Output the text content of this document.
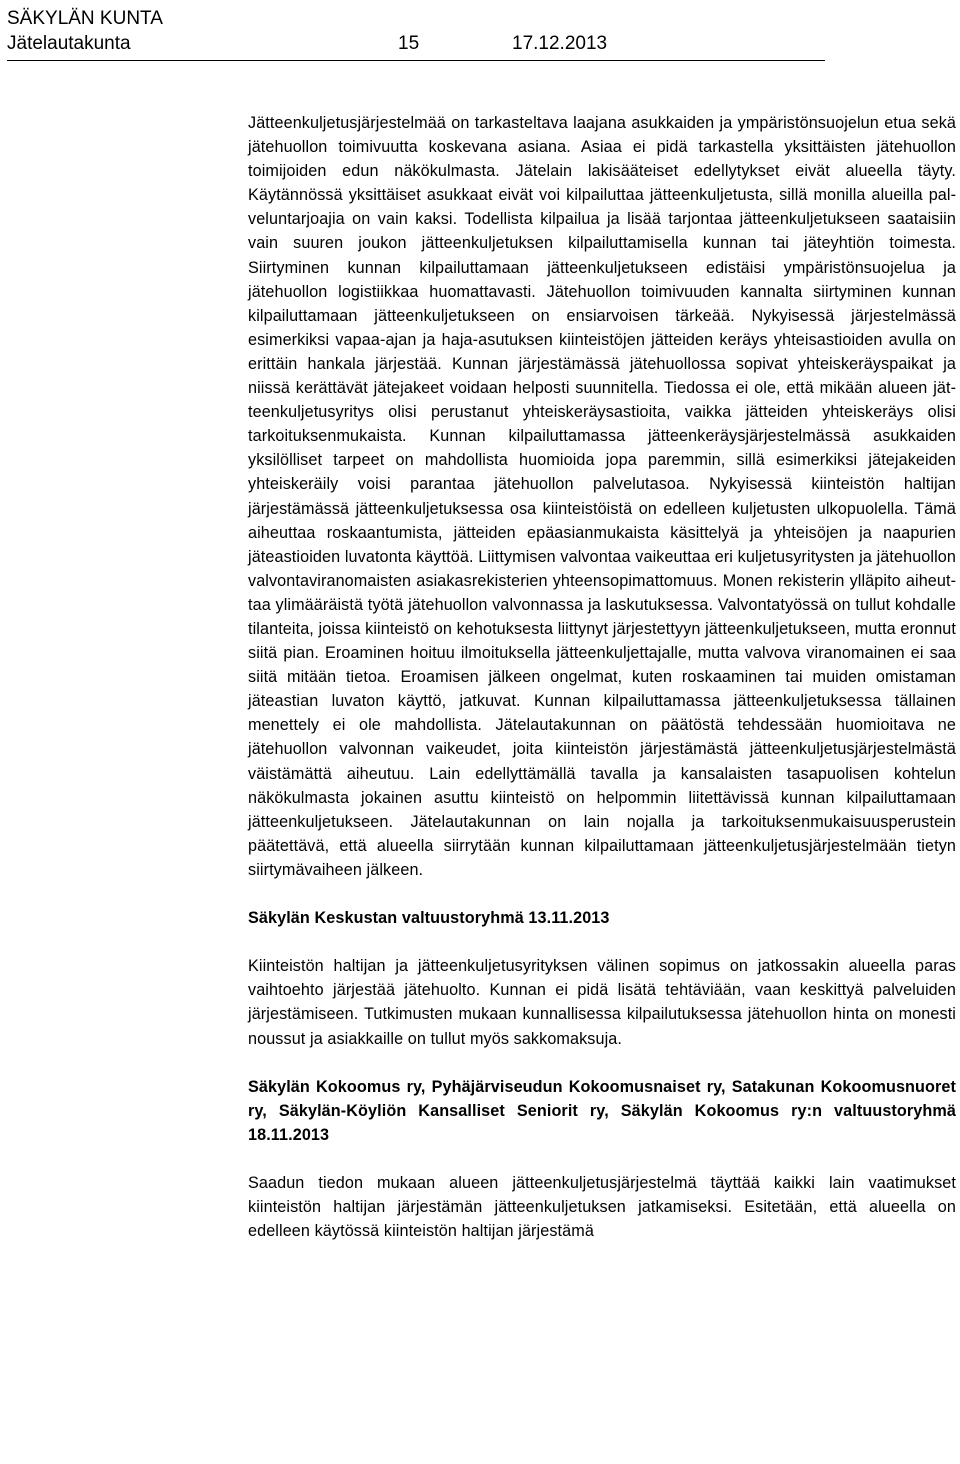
SÄKYLÄN KUNTA
Jätelautakunta	15	17.12.2013

Jätteenkuljetusjärjestelmää on tarkasteltava laajana asukkaiden ja ympäristönsuojelun etua sekä jätehuollon toimivuutta koskevana asiana. Asiaa ei pidä tarkastella yksittäisten jätehuollon toimijoiden edun näkökulmasta. Jätelain lakisääteiset edellytykset eivät alueella täyty. Käytännössä yksittäiset asukkaat eivät voi kilpailuttaa jätteenkuljetusta, sillä monilla alueilla palveluntarjoajia on vain kaksi. Todellista kilpailua ja lisää tarjontaa jätteenkuljetukseen saataisiin vain suuren joukon jätteenkuljetuksen kilpailuttamisella kunnan tai jäteyhtiön toimesta. Siirtyminen kunnan kilpailuttamaan jätteenkuljetukseen edistäisi ympäristönsuojelua ja jätehuollon logistiikkaa huomattavasti. Jätehuollon toimivuuden kannalta siirtyminen kunnan kilpailuttamaan jätteenkuljetukseen on ensiarvoisen tärkeää. Nykyisessä järjestelmässä esimerkiksi vapaa-ajan ja haja-asutuksen kiinteistöjen jätteiden keräys yhteisastioiden avulla on erittäin hankala järjestää. Kunnan järjestämässä jätehuollossa sopivat yhteiskeräyspaikat ja niissä kerättävät jätejakeet voidaan helposti suunnitella. Tiedossa ei ole, että mikään alueen jätteenkuljetusyritys olisi perustanut yhteiskeräysastioita, vaikka jätteiden yhteiskeräys olisi tarkoituksenmukaista. Kunnan kilpailuttamassa jätteenkeräysjärjestelmässä asukkaiden yksilölliset tarpeet on mahdollista huomioida jopa paremmin, sillä esimerkiksi jätejakeiden yhteiskeräily voisi parantaa jätehuollon palvelutasoa. Nykyisessä kiinteistön haltijan järjestämässä jätteenkuljetuksessa osa kiinteistöistä on edelleen kuljetusten ulkopuolella. Tämä aiheuttaa roskaantumista, jätteiden epäasianmukaista käsittelyä ja yhteisöjen ja naapurien jäteastioiden luvatonta käyttöä. Liittymisen valvontaa vaikeuttaa eri kuljetusyritysten ja jätehuollon valvontaviranomaisten asiakasrekisterien yhteensopimattomuus. Monen rekisterin ylläpito aiheuttaa ylimääräistä työtä jätehuollon valvonnassa ja laskutuksessa. Valvontatyössä on tullut kohdalle tilanteita, joissa kiinteistö on kehotuksesta liittynyt järjestettyyn jätteenkuljetukseen, mutta eronnut siitä pian. Eroaminen hoituu ilmoituksella jätteenkuljettajalle, mutta valvova viranomainen ei saa siitä mitään tietoa. Eroamisen jälkeen ongelmat, kuten roskaaminen tai muiden omistaman jäteastian luvaton käyttö, jatkuvat. Kunnan kilpailuttamassa jätteenkuljetuksessa tällainen menettely ei ole mahdollista. Jätelautakunnan on päätöstä tehdessään huomioitava ne jätehuollon valvonnan vaikeudet, joita kiinteistön järjestämästä jätteenkuljetusjärjestelmästä väistämättä aiheutuu. Lain edellyttämällä tavalla ja kansalaisten tasapuolisen kohtelun näkökulmasta jokainen asuttu kiinteistö on helpommin liitettävissä kunnan kilpailuttamaan jätteenkuljetukseen. Jätelautakunnan on lain nojalla ja tarkoituksenmukaisuusperustein päätettävä, että alueella siirrytään kunnan kilpailuttamaan jätteenkuljetusjärjestelmään tietyn siirtymävaiheen jälkeen.

Säkylän Keskustan valtuustoryhmä 13.11.2013

Kiinteistön haltijan ja jätteenkuljetusyrityksen välinen sopimus on jatkossakin alueella paras vaihtoehto järjestää jätehuolto. Kunnan ei pidä lisätä tehtäviään, vaan keskittyä palveluiden järjestämiseen. Tutkimusten mukaan kunnallisessa kilpailutuksessa jätehuollon hinta on monesti noussut ja asiakkaille on tullut myös sakkomaksuja.

Säkylän Kokoomus ry, Pyhäjärviseudun Kokoomusnaiset ry, Satakunan Kokoomusnuoret ry, Säkylän-Köyliön Kansalliset Seniorit ry, Säkylän Kokoomus ry:n valtuustoryhmä 18.11.2013

Saadun tiedon mukaan alueen jätteenkuljetusjärjestelmä täyttää kaikki lain vaatimukset kiinteistön haltijan järjestämän jätteenkuljetuksen jatkamiseksi. Esitetään, että alueella on edelleen käytössä kiinteistön haltijan järjestämä
